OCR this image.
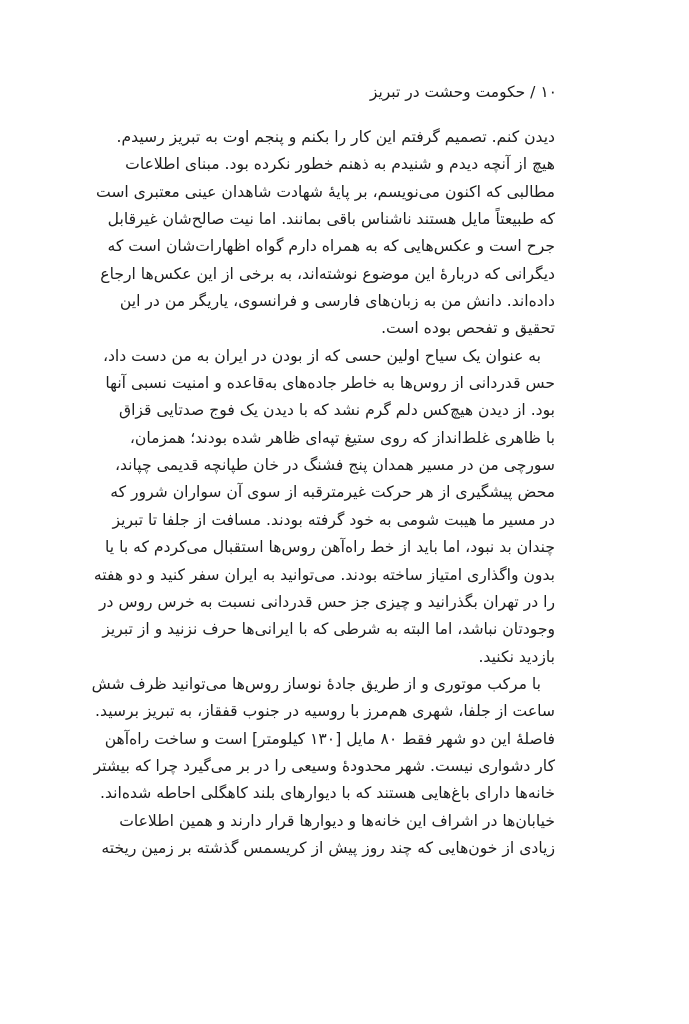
۱۰ / حکومت وحشت در تبریز
دیدن کنم. تصمیم گرفتم این کار را بکنم و پنجم اوت به تبریز رسیدم.
هیچ از آنچه دیدم و شنیدم به ذهنم خطور نکرده بود. مبنای اطلاعات
مطالبی که اکنون می‌نویسم، بر پایهٔ شهادت شاهدان عینی معتبری است
که طبیعتاً مایل هستند ناشناس باقی بمانند. اما نیت صالح‌شان غیرقابل
جرح است و عکس‌هایی که به همراه دارم گواه اظهارات‌شان است که
دیگرانی که دربارهٔ این موضوع نوشته‌اند، به برخی از این عکس‌ها ارجاع
داده‌اند. دانش من به زبان‌های فارسی و فرانسوی، یاریگر من در این
تحقیق و تفحص بوده است.
به عنوان یک سیاح اولین حسی که از بودن در ایران به من دست داد،
حس قدردانی از روس‌ها به خاطر جاده‌های به‌قاعده و امنیت نسبی آنها
بود. از دیدن هیچ‌کس دلم گرم نشد که با دیدن یک فوج صدتایی قزاق
با ظاهری غلط‌انداز که روی ستیغ تپه‌ای ظاهر شده بودند؛ همزمان،
سورچی من در مسیر همدان پنج فشنگ در خان طپانچه قدیمی چپاند،
محض پیشگیری از هر حرکت غیرمترقبه از سوی آن سواران شرور که
در مسیر ما هیبت شومی به خود گرفته بودند. مسافت از جلفا تا تبریز
چندان بد نبود، اما باید از خط راه‌آهن روس‌ها استقبال می‌کردم که با یا
بدون واگذاری امتیاز ساخته بودند. می‌توانید به ایران سفر کنید و دو هفته
را در تهران بگذرانید و چیزی جز حس قدردانی نسبت به خرس روس در
وجودتان نباشد، اما البته به شرطی که با ایرانی‌ها حرف نزنید و از تبریز
بازدید نکنید.
با مرکب موتوری و از طریق جادهٔ نوساز روس‌ها می‌توانید ظرف شش
ساعت از جلفا، شهری هم‌مرز با روسیه در جنوب قفقاز، به تبریز برسید.
فاصلهٔ این دو شهر فقط ۸۰ مایل [۱۳۰ کیلومتر] است و ساخت راه‌آهن
کار دشواری نیست. شهر محدودهٔ وسیعی را در بر می‌گیرد چرا که بیشتر
خانه‌ها دارای باغ‌هایی هستند که با دیوارهای بلند کاهگلی احاطه شده‌اند.
خیابان‌ها در اشراف این خانه‌ها و دیوارها قرار دارند و همین اطلاعات
زیادی از خون‌هایی که چند روز پیش از کریسمس گذشته بر زمین ریخته
